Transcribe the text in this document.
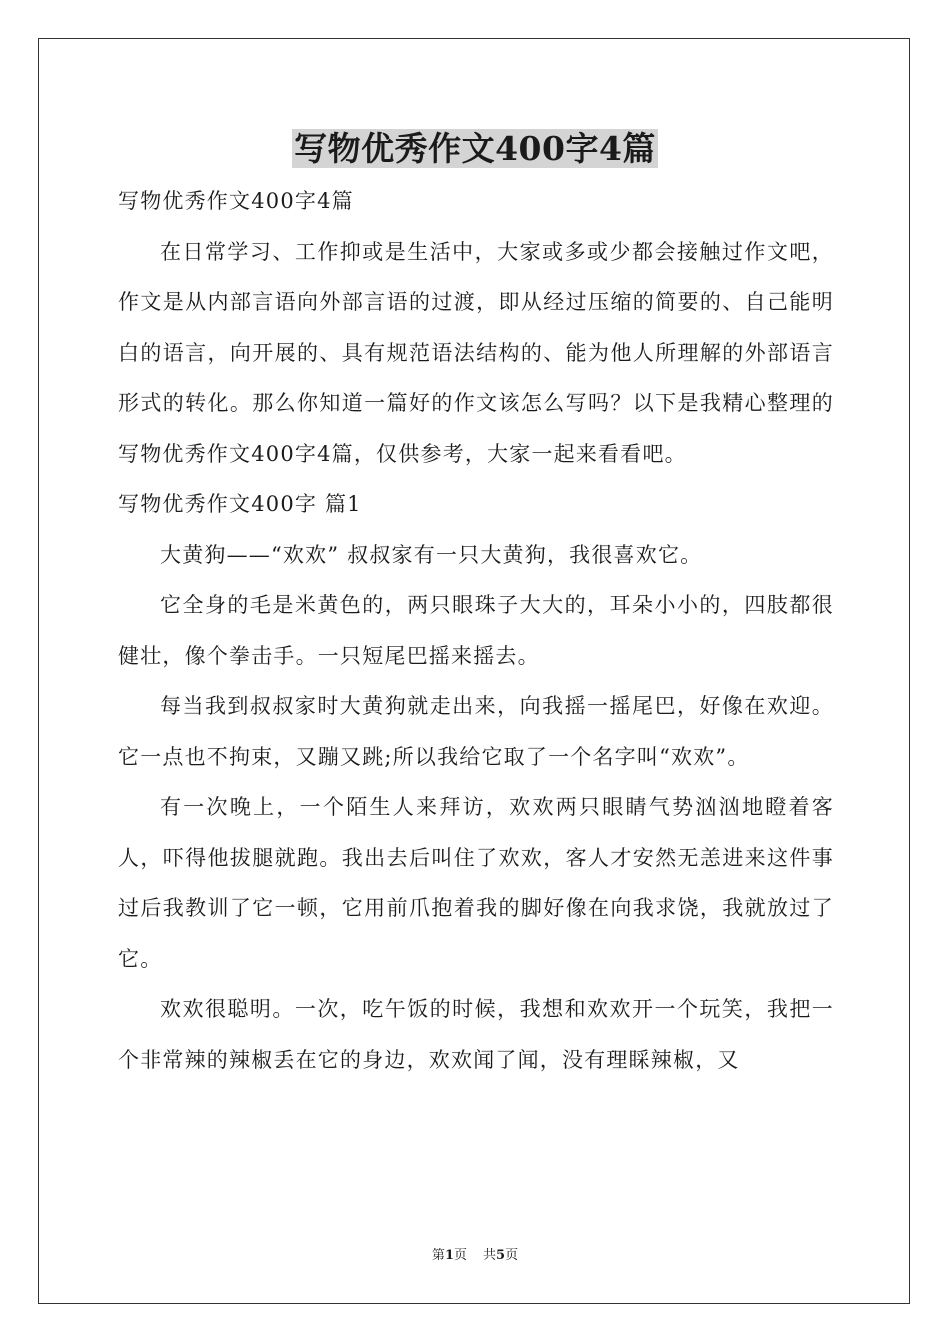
写物优秀作文400字4篇

写物优秀作文400字4篇

在日常学习、工作抑或是生活中，大家或多或少都会接触过作文吧，作文是从内部言语向外部言语的过渡，即从经过压缩的简要的、自己能明白的语言，向开展的、具有规范语法结构的、能为他人所理解的外部语言形式的转化。那么你知道一篇好的作文该怎么写吗？以下是我精心整理的写物优秀作文400字4篇，仅供参考，大家一起来看看吧。

写物优秀作文400字 篇1

大黄狗——“欢欢” 叔叔家有一只大黄狗，我很喜欢它。

它全身的毛是米黄色的，两只眼珠子大大的，耳朵小小的，四肢都很健壮，像个拳击手。一只短尾巴摇来摇去。

每当我到叔叔家时大黄狗就走出来，向我摇一摇尾巴，好像在欢迎。它一点也不拘束，又蹦又跳;所以我给它取了一个名字叫“欢欢”。

有一次晚上，一个陌生人来拜访，欢欢两只眼睛气势汹汹地瞪着客人，吓得他拔腿就跑。我出去后叫住了欢欢，客人才安然无恙进来这件事过后我教训了它一顿，它用前爪抱着我的脚好像在向我求饶，我就放过了它。

欢欢很聪明。一次，吃午饭的时候，我想和欢欢开一个玩笑，我把一个非常辣的辣椒丢在它的身边，欢欢闻了闻，没有理睬辣椒，又

第1页 共5页
